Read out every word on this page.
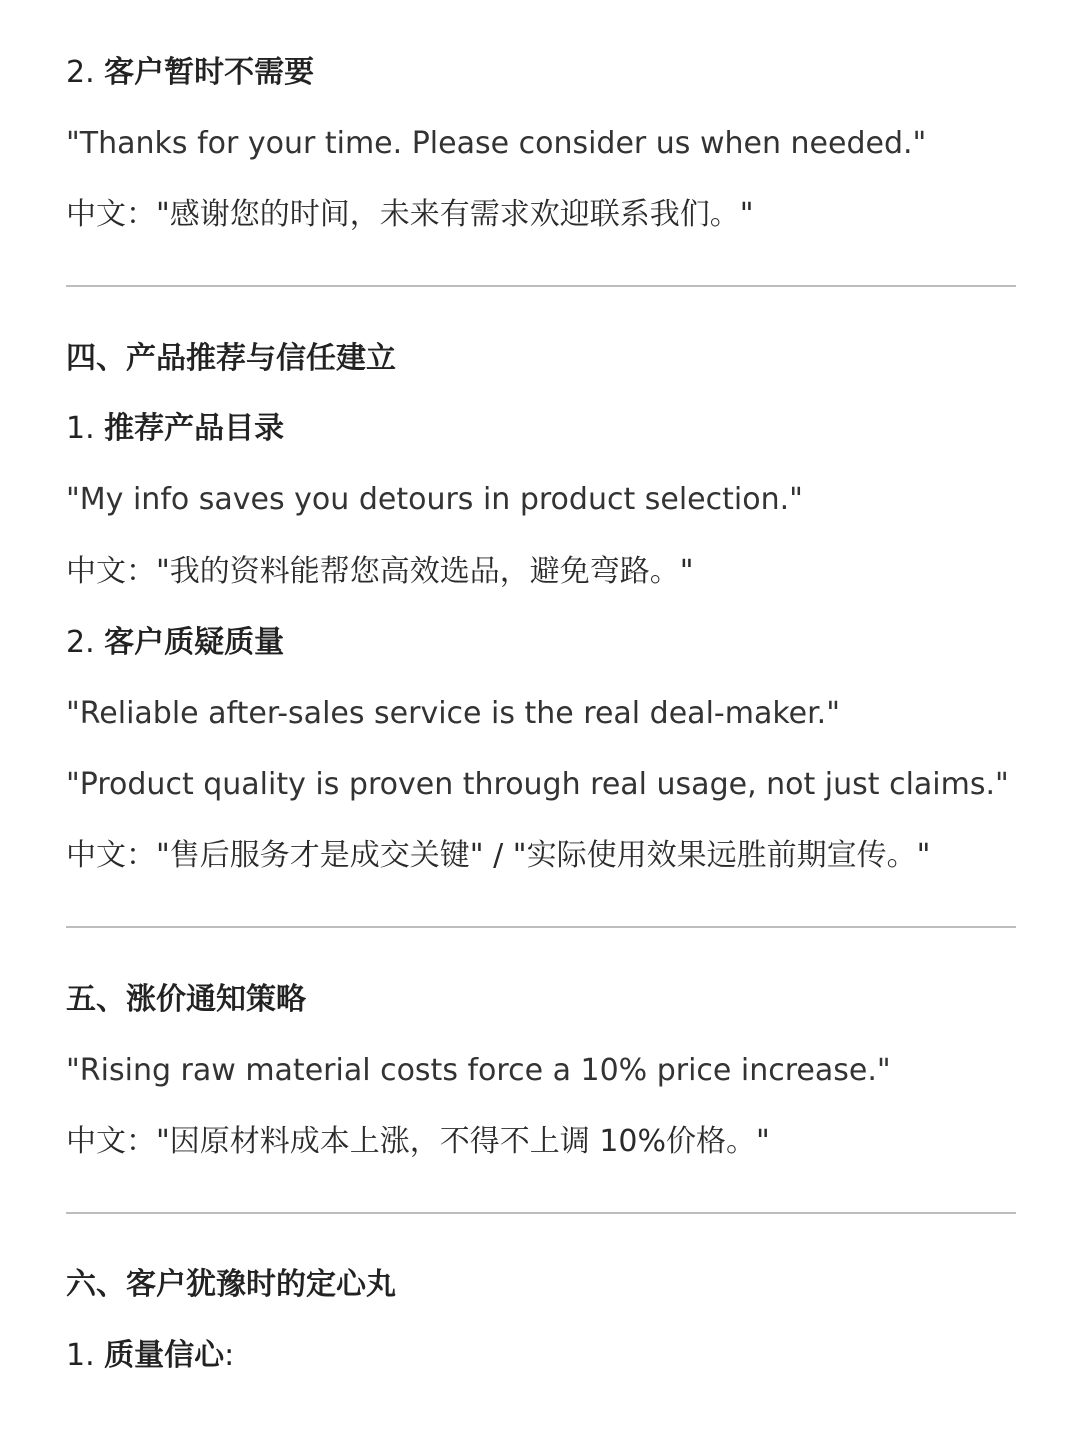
2. 客户暂时不需要
"Thanks for your time. Please consider us when needed."
中文："感谢您的时间，未来有需求欢迎联系我们。"
四、产品推荐与信任建立
1. 推荐产品目录
"My info saves you detours in product selection."
中文："我的资料能帮您高效选品，避免弯路。"
2. 客户质疑质量
"Reliable after-sales service is the real deal-maker."
"Product quality is proven through real usage, not just claims."
中文："售后服务才是成交关键" / "实际使用效果远胜前期宣传。"
五、涨价通知策略
"Rising raw material costs force a 10% price increase."
中文："因原材料成本上涨，不得不上调 10%价格。"
六、客户犹豫时的定心丸
1. 质量信心:
